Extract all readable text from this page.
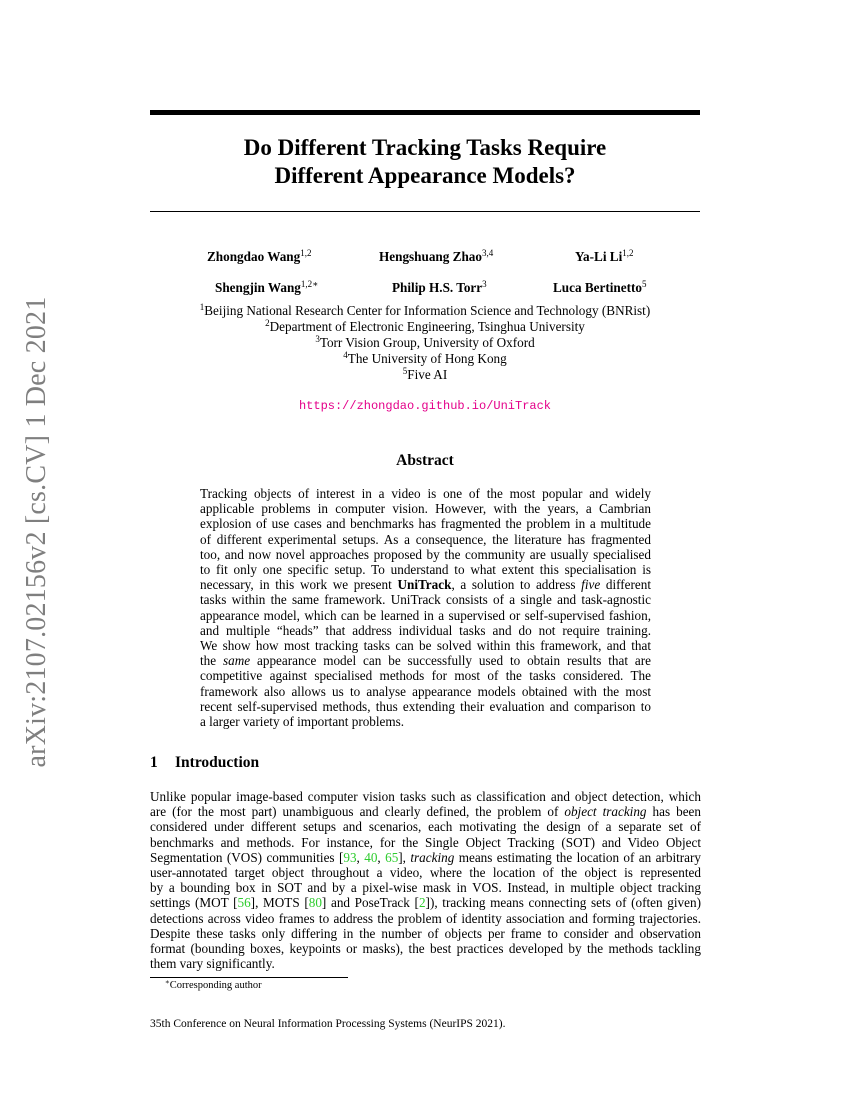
arXiv:2107.02156v2 [cs.CV] 1 Dec 2021
Do Different Tracking Tasks Require
Different Appearance Models?
Zhongdao Wang$^{1,2}$	Hengshuang Zhao$^{3,4}$	Ya-Li Li$^{1,2}$
Shengjin Wang$^{1,2∗}$	Philip H.S. Torr$^3$	Luca Bertinetto$^5$
$^1$Beijing National Research Center for Information Science and Technology (BNRist)
$^2$Department of Electronic Engineering, Tsinghua University
$^3$Torr Vision Group, University of Oxford
$^4$The University of Hong Kong
$^5$Five AI
https://zhongdao.github.io/UniTrack
Abstract
Tracking objects of interest in a video is one of the most popular and widely
applicable problems in computer vision. However, with the years, a Cambrian
explosion of use cases and benchmarks has fragmented the problem in a multitude
of different experimental setups. As a consequence, the literature has fragmented
too, and now novel approaches proposed by the community are usually specialised
to fit only one specific setup. To understand to what extent this specialisation is
necessary, in this work we present UniTrack, a solution to address five different
tasks within the same framework. UniTrack consists of a single and task-agnostic
appearance model, which can be learned in a supervised or self-supervised fashion,
and multiple “heads” that address individual tasks and do not require training.
We show how most tracking tasks can be solved within this framework, and that
the same appearance model can be successfully used to obtain results that are
competitive against specialised methods for most of the tasks considered. The
framework also allows us to analyse appearance models obtained with the most
recent self-supervised methods, thus extending their evaluation and comparison to
a larger variety of important problems.
1 Introduction
Unlike popular image-based computer vision tasks such as classification and object detection, which
are (for the most part) unambiguous and clearly defined, the problem of object tracking has been
considered under different setups and scenarios, each motivating the design of a separate set of
benchmarks and methods. For instance, for the Single Object Tracking (SOT) and Video Object
Segmentation (VOS) communities [93, 40, 65], tracking means estimating the location of an arbitrary
user-annotated target object throughout a video, where the location of the object is represented
by a bounding box in SOT and by a pixel-wise mask in VOS. Instead, in multiple object tracking
settings (MOT [56], MOTS [80] and PoseTrack [2]), tracking means connecting sets of (often given)
detections across video frames to address the problem of identity association and forming trajectories.
Despite these tasks only differing in the number of objects per frame to consider and observation
format (bounding boxes, keypoints or masks), the best practices developed by the methods tackling
them vary significantly.
∗Corresponding author
35th Conference on Neural Information Processing Systems (NeurIPS 2021).
